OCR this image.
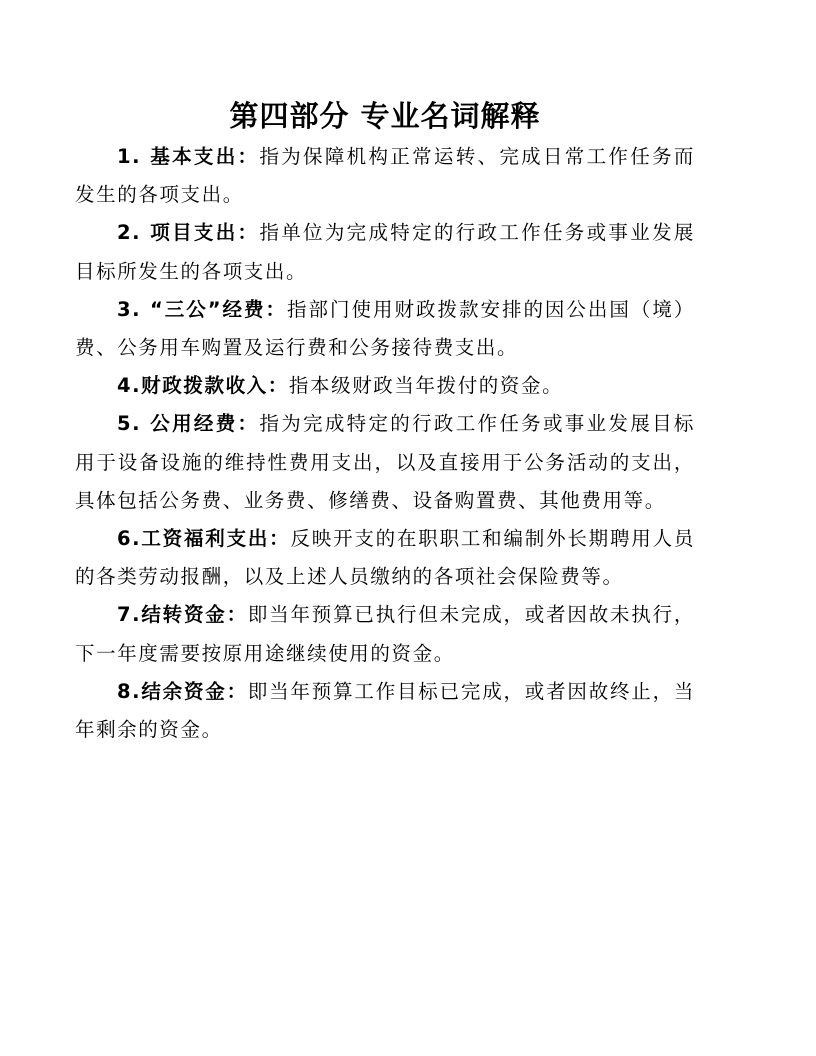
第四部分 专业名词解释

1. 基本支出：指为保障机构正常运转、完成日常工作任务而发生的各项支出。

2. 项目支出：指单位为完成特定的行政工作任务或事业发展目标所发生的各项支出。

3. “三公”经费：指部门使用财政拨款安排的因公出国（境）费、公务用车购置及运行费和公务接待费支出。

4.财政拨款收入：指本级财政当年拨付的资金。

5. 公用经费：指为完成特定的行政工作任务或事业发展目标用于设备设施的维持性费用支出，以及直接用于公务活动的支出，具体包括公务费、业务费、修缮费、设备购置费、其他费用等。

6.工资福利支出：反映开支的在职职工和编制外长期聘用人员的各类劳动报酬，以及上述人员缴纳的各项社会保险费等。

7.结转资金：即当年预算已执行但未完成，或者因故未执行，下一年度需要按原用途继续使用的资金。

8.结余资金：即当年预算工作目标已完成，或者因故终止，当年剩余的资金。
